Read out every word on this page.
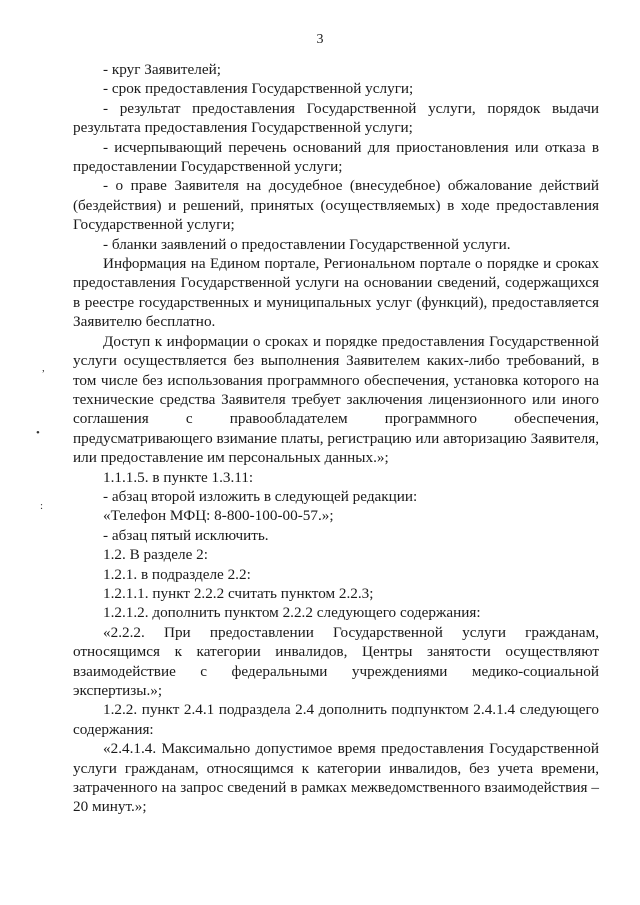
3
,
•
:

- круг Заявителей;

- срок предоставления Государственной услуги;

- результат предоставления Государственной услуги, порядок выдачи результата предоставления Государственной услуги;

- исчерпывающий перечень оснований для приостановления или отказа в предоставлении Государственной услуги;

- о праве Заявителя на досудебное (внесудебное) обжалование действий (бездействия) и решений, принятых (осуществляемых) в ходе предоставления Государственной услуги;

- бланки заявлений о предоставлении Государственной услуги.

Информация на Едином портале, Региональном портале о порядке и сроках предоставления Государственной услуги на основании сведений, содержащихся в реестре государственных и муниципальных услуг (функций), предоставляется Заявителю бесплатно.

Доступ к информации о сроках и порядке предоставления Государственной услуги осуществляется без выполнения Заявителем каких-либо требований, в том числе без использования программного обеспечения, установка которого на технические средства Заявителя требует заключения лицензионного или иного соглашения с правообладателем программного обеспечения, предусматривающего взимание платы, регистрацию или авторизацию Заявителя, или предоставление им персональных данных.»;

1.1.1.5. в пункте 1.3.11:

- абзац второй изложить в следующей редакции:

«Телефон МФЦ: 8-800-100-00-57.»;

- абзац пятый исключить.

1.2. В разделе 2:

1.2.1. в подразделе 2.2:

1.2.1.1. пункт 2.2.2 считать пунктом 2.2.3;

1.2.1.2. дополнить пунктом 2.2.2 следующего содержания:

«2.2.2. При предоставлении Государственной услуги гражданам, относящимся к категории инвалидов, Центры занятости осуществляют взаимодействие с федеральными учреждениями медико-социальной экспертизы.»;

1.2.2. пункт 2.4.1 подраздела 2.4 дополнить подпунктом 2.4.1.4 следующего содержания:

«2.4.1.4. Максимально допустимое время предоставления Государственной услуги гражданам, относящимся к категории инвалидов, без учета времени, затраченного на запрос сведений в рамках межведомственного взаимодействия – 20 минут.»;
